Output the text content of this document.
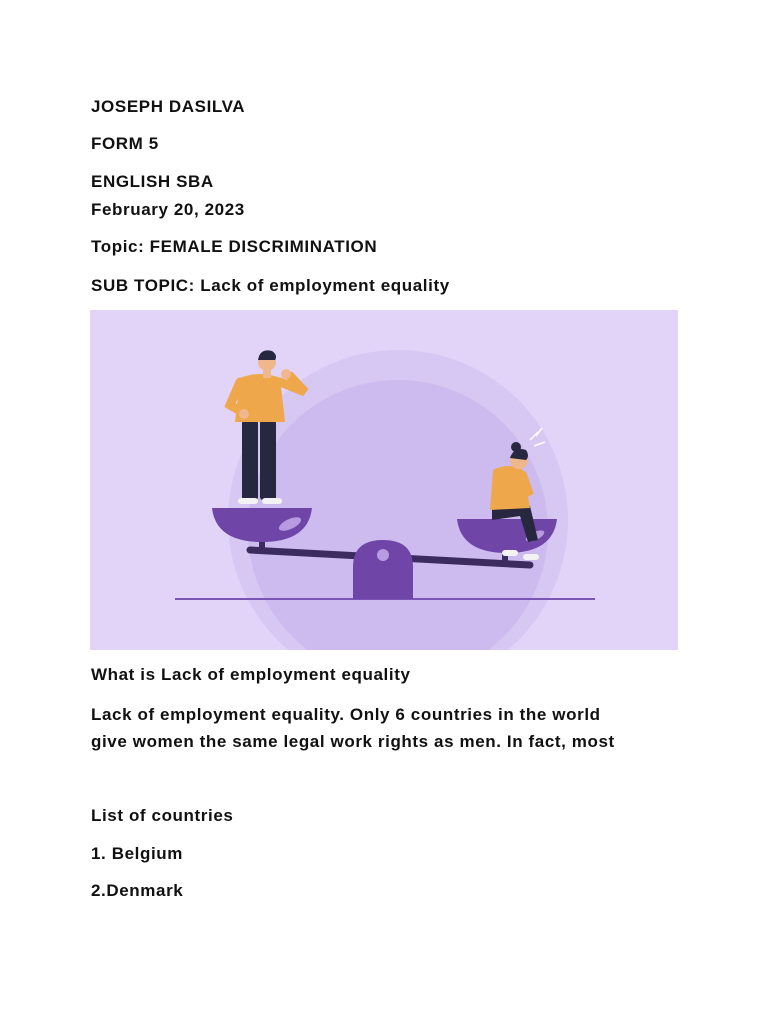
JOSEPH DASILVA

FORM 5

ENGLISH SBA

February 20, 2023

Topic: FEMALE DISCRIMINATION

SUB TOPIC: Lack of employment equality

What is Lack of employment equality

Lack of employment equality. Only 6 countries in the world
give women the same legal work rights as men. In fact, most

List of countries

1. Belgium

2.Denmark
